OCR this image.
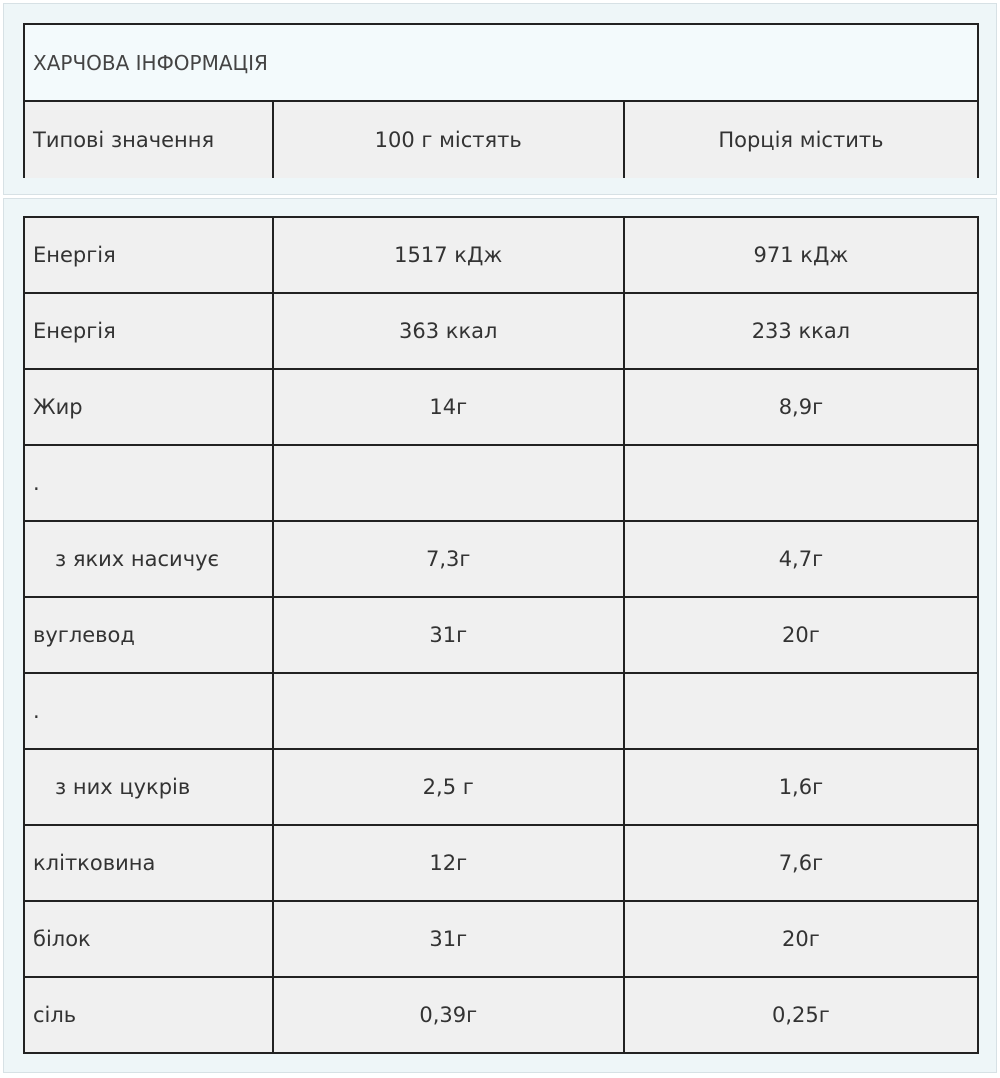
ХАРЧОВА ІНФОРМАЦІЯ
Типові значення	100 г містять	Порція містить
Енергія	1517 кДж	971 кДж
Енергія	363 ккал	233 ккал
Жир	14г	8,9г
.		
з яких насичує	7,3г	4,7г
вуглевод	31г	20г
.		
з них цукрів	2,5 г	1,6г
клітковина	12г	7,6г
білок	31г	20г
сіль	0,39г	0,25г
